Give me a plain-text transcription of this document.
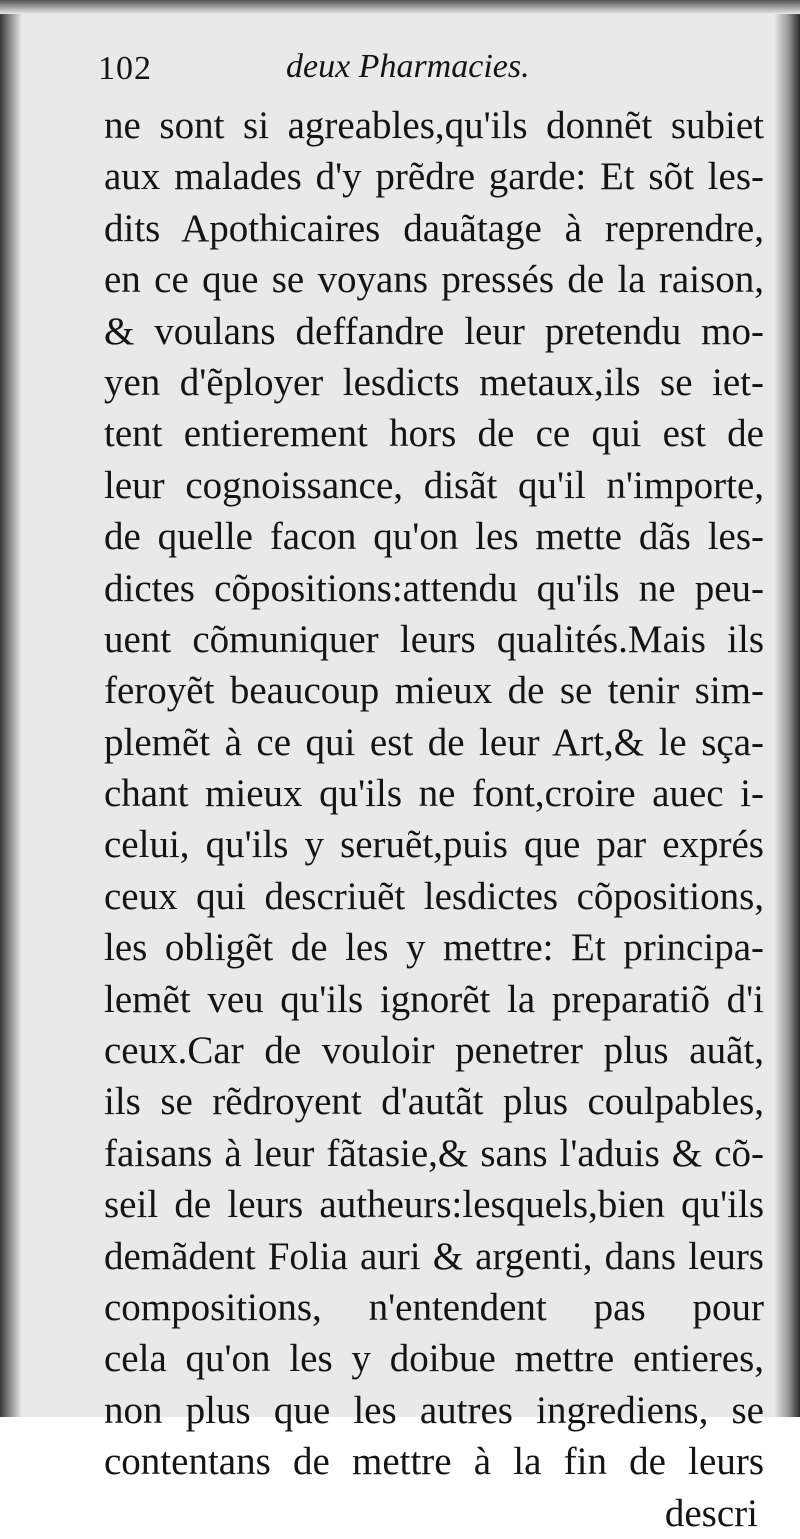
102	deux Pharmacies.
ne sont si agreables,qu'ils donnẽt subiet
aux malades d'y prẽdre garde: Et sõt les-
dits Apothicaires dauãtage à reprendre,
en ce que se voyans pressés de la raison,
& voulans deffandre leur pretendu mo-
yen d'ẽployer lesdicts metaux,ils se iet-
tent entierement hors de ce qui est de
leur cognoissance, disãt qu'il n'importe,
de quelle facon qu'on les mette dãs les-
dictes cõpositions:attendu qu'ils ne peu-
uent cõmuniquer leurs qualités.Mais ils
feroyẽt beaucoup mieux de se tenir sim-
plemẽt à ce qui est de leur Art,& le sça-
chant mieux qu'ils ne font,croire auec i-
celui, qu'ils y seruẽt,puis que par exprés
ceux qui descriuẽt lesdictes cõpositions,
les obligẽt de les y mettre: Et principa-
lemẽt veu qu'ils ignorẽt la preparatiõ d'i
ceux.Car de vouloir penetrer plus auãt,
ils se rẽdroyent d'autãt plus coulpables,
faisans à leur fãtasie,& sans l'aduis & cõ-
seil de leurs autheurs:lesquels,bien qu'ils
demãdent Folia auri & argenti, dans leurs
compositions, n'entendent pas pour
cela qu'on les y doibue mettre entieres,
non plus que les autres ingrediens, se
contentans de mettre à la fin de leurs
descri
